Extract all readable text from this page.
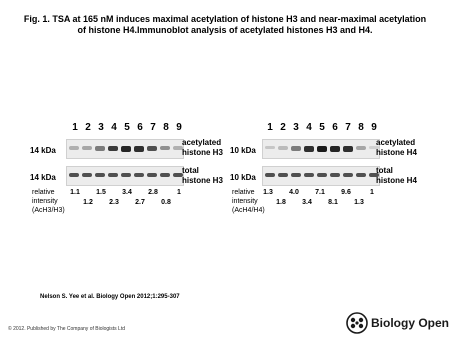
Fig. 1. TSA at 165 nM induces maximal acetylation of histone H3 and near-maximal acetylation of histone H4.Immunoblot analysis of acetylated histones H3 and H4.
1 2 3 4 5 6 7 8 9
14 kDa
acetylated
histone H3
14 kDa
total
histone H3
relative
intensity
(AcH3/H3)
1.1	1.5	3.4	2.8	1
1.2	2.3	2.7	0.8
1 2 3 4 5 6 7 8 9
10 kDa
acetylated
histone H4
10 kDa
total
histone H4
relative
intensity
(AcH4/H4)
1.3	4.0	7.1	9.6	1
1.8	3.4	8.1	1.3
Nelson S. Yee et al. Biology Open 2012;1:295-307
© 2012. Published by The Company of Biologists Ltd	Biology Open
